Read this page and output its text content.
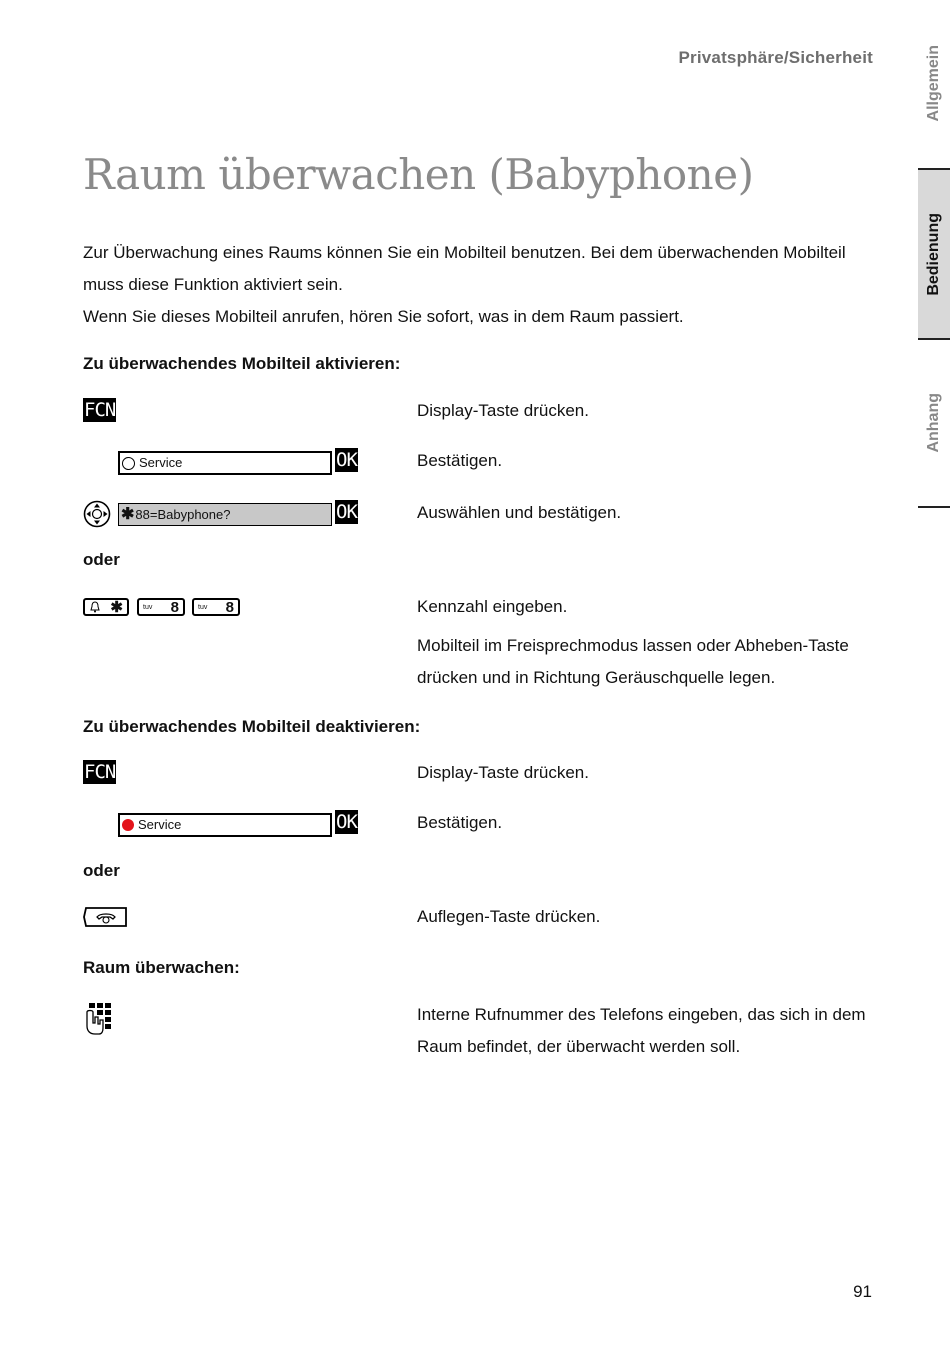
Privatsphäre/Sicherheit	Allgemein
Bedienung
Anhang
Raum überwachen (Babyphone)

Zur Überwachung eines Raums können Sie ein Mobilteil benutzen. Bei dem überwachenden Mobilteil muss diese Funktion aktiviert sein.

Wenn Sie dieses Mobilteil anrufen, hören Sie sofort, was in dem Raum passiert.

Zu überwachendes Mobilteil aktivieren:
FCN	Display-Taste drücken.
Service	OK	Bestätigen.
✱ 88=Babyphone?	OK	Auswählen und bestätigen.
oder
✱	tuv 8	tuv 8	Kennzahl eingeben.
Mobilteil im Freisprechmodus lassen oder Abheben-Taste drücken und in Richtung Geräuschquelle legen.
Zu überwachendes Mobilteil deaktivieren:
FCN	Display-Taste drücken.
Service	OK	Bestätigen.
oder
Auflegen-Taste drücken.
Raum überwachen:
Interne Rufnummer des Telefons eingeben, das sich in dem Raum befindet, der überwacht werden soll.
91
